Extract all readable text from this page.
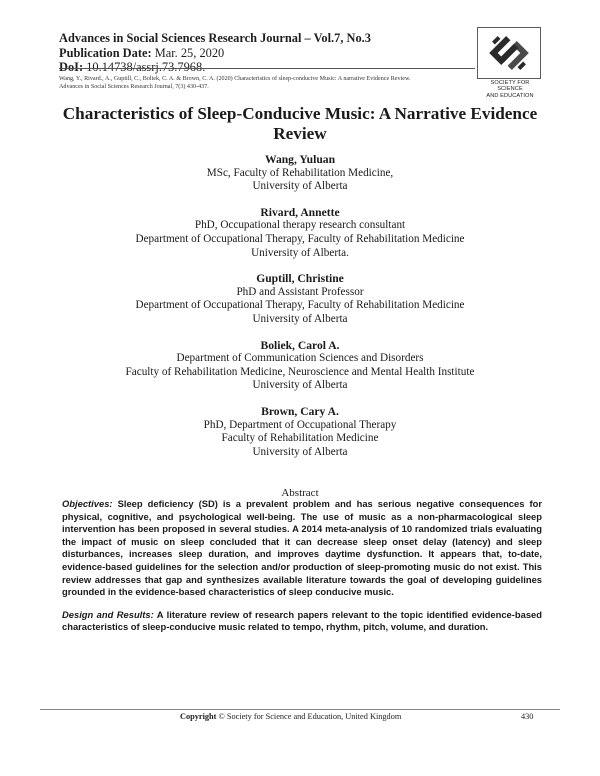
Advances in Social Sciences Research Journal – Vol.7, No.3
Publication Date: Mar. 25, 2020
DoI: 10.14738/assrj.73.7968.
Wang, Y., Rivard., A., Guptill, C., Boliek, C. A. & Brown, C. A. (2020) Characteristics of sleep-conducive Music: A narrative Evidence Review.
Advances in Social Sciences Research Journal, 7(3) 430-437.
SOCIETY FOR SCIENCE
AND EDUCATION
Characteristics of Sleep-Conducive Music: A Narrative Evidence Review
Wang, Yuluan
MSc, Faculty of Rehabilitation Medicine,
University of Alberta
Rivard, Annette
PhD, Occupational therapy research consultant
Department of Occupational Therapy, Faculty of Rehabilitation Medicine
University of Alberta.
Guptill, Christine
PhD and Assistant Professor
Department of Occupational Therapy, Faculty of Rehabilitation Medicine
University of Alberta
Boliek, Carol A.
Department of Communication Sciences and Disorders
Faculty of Rehabilitation Medicine, Neuroscience and Mental Health Institute
University of Alberta
Brown, Cary A.
PhD, Department of Occupational Therapy
Faculty of Rehabilitation Medicine
University of Alberta
Abstract

Objectives: Sleep deficiency (SD) is a prevalent problem and has serious negative consequences for physical, cognitive, and psychological well-being. The use of music as a non-pharmacological sleep intervention has been proposed in several studies. A 2014 meta-analysis of 10 randomized trials evaluating the impact of music on sleep concluded that it can decrease sleep onset delay (latency) and sleep disturbances, increases sleep duration, and improves daytime dysfunction. It appears that, to-date, evidence-based guidelines for the selection and/or production of sleep-promoting music do not exist. This review addresses that gap and synthesizes available literature towards the goal of developing guidelines grounded in the evidence-based characteristics of sleep conducive music.

Design and Results: A literature review of research papers relevant to the topic identified evidence-based characteristics of sleep-conducive music related to tempo, rhythm, pitch, volume, and duration.

Copyright © Society for Science and Education, United Kingdom	430
